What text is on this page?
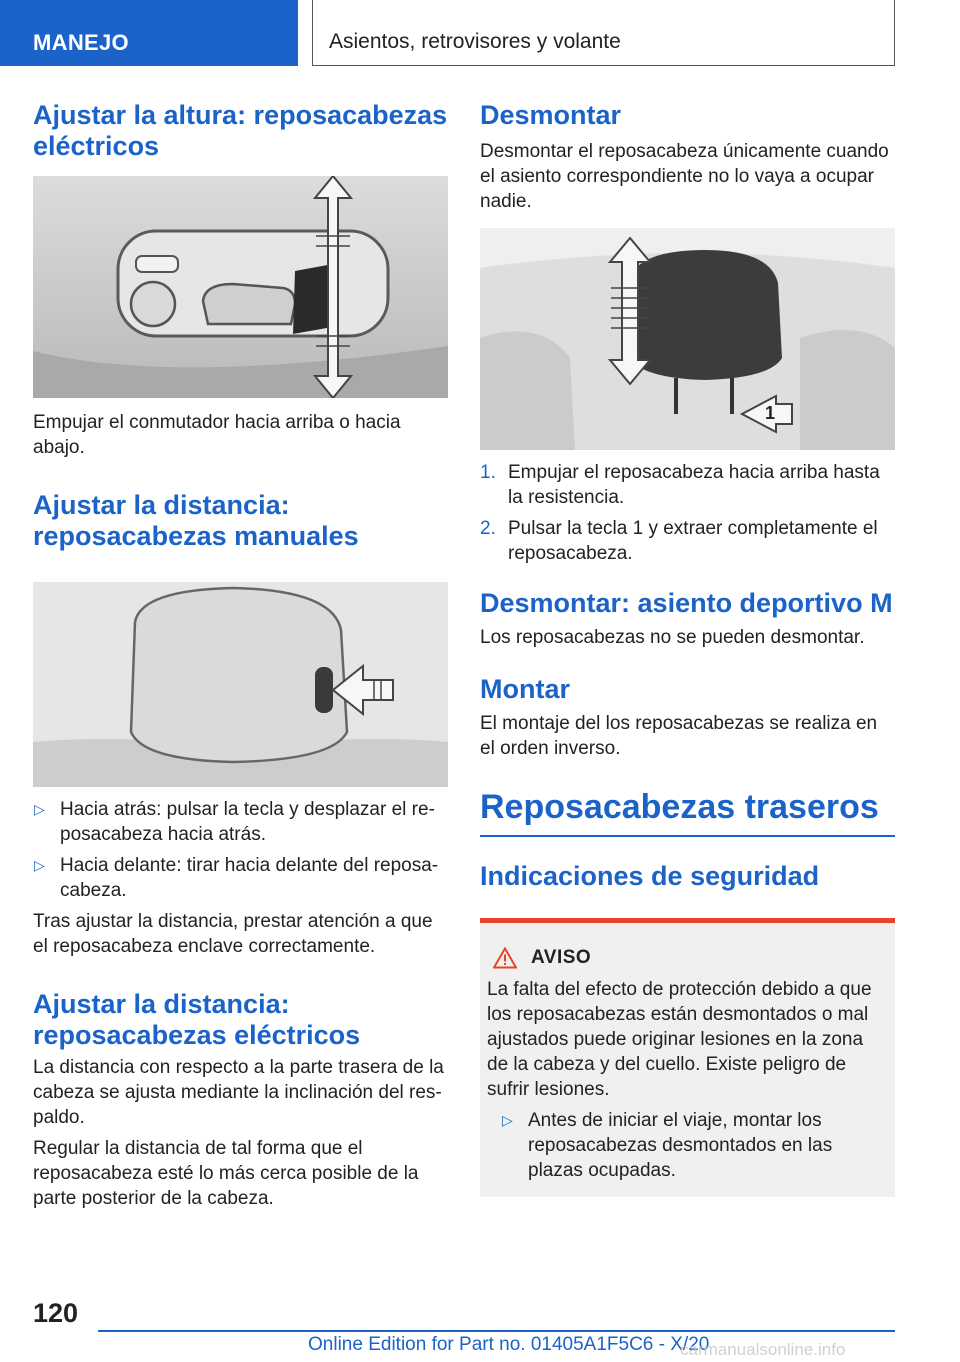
MANEJO	Asientos, retrovisores y volante
Ajustar la altura: reposacabezas eléctricos

Empujar el conmutador hacia arriba o hacia abajo.

Ajustar la distancia: reposacabezas manuales
▷ Hacia atrás: pulsar la tecla y desplazar el reposacabeza hacia atrás.
▷ Hacia delante: tirar hacia delante del reposacabeza.

Tras ajustar la distancia, prestar atención a que el reposacabeza enclave correctamente.

Ajustar la distancia: reposacabezas eléctricos

La distancia con respecto a la parte trasera de la cabeza se ajusta mediante la inclinación del respaldo.

Regular la distancia de tal forma que el reposacabeza esté lo más cerca posible de la parte posterior de la cabeza.

Desmontar

Desmontar el reposacabeza únicamente cuando el asiento correspondiente no lo vaya a ocupar nadie.

1
1. Empujar el reposacabeza hacia arriba hasta la resistencia.
2. Pulsar la tecla 1 y extraer completamente el reposacabeza.
Desmontar: asiento deportivo M

Los reposacabezas no se pueden desmontar.

Montar

El montaje del los reposacabezas se realiza en el orden inverso.

Reposacabezas traseros
Indicaciones de seguridad
AVISO

La falta del efecto de protección debido a que los reposacabezas están desmontados o mal ajustados puede originar lesiones en la zona de la cabeza y del cuello. Existe peligro de sufrir lesiones.

▷ Antes de iniciar el viaje, montar los reposacabezas desmontados en las plazas ocupadas.
120
Online Edition for Part no. 01405A1F5C6 - X/20
carmanualsonline.info
